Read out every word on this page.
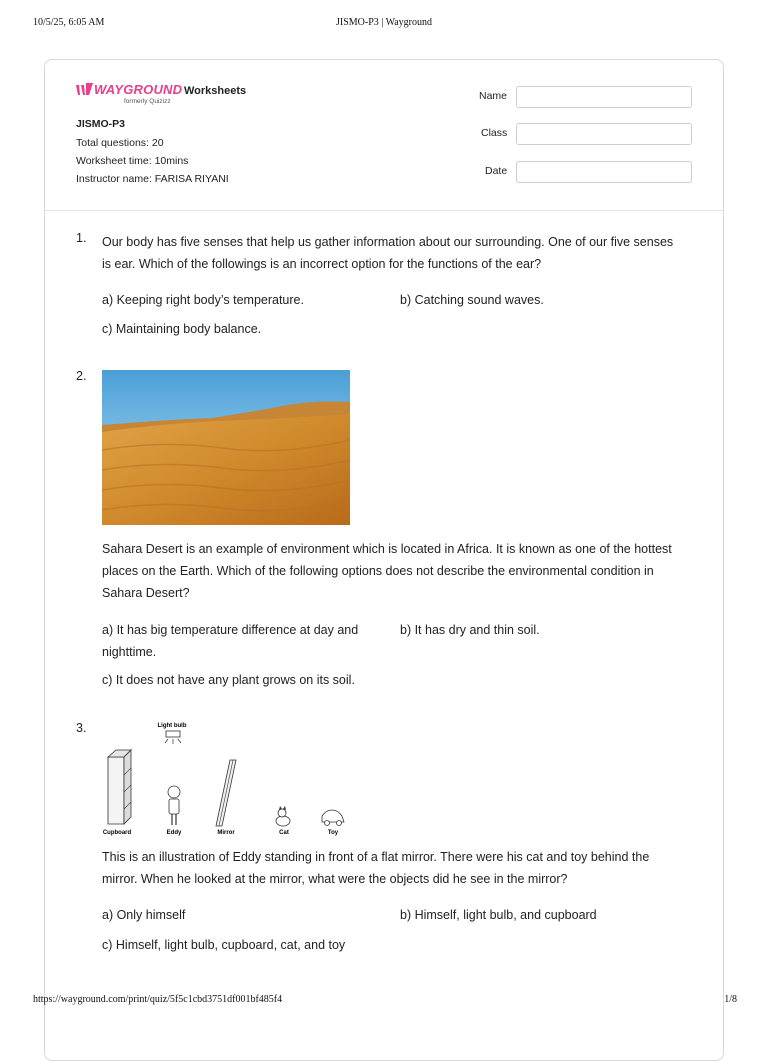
10/5/25, 6:05 AM	JISMO-P3 | Wayground
WAYGROUND
formerly Quizizz
Worksheets
JISMO-P3
Total questions: 20
Worksheet time: 10mins
Instructor name: FARISA RIYANI
Name
Class
Date
1. Our body has five senses that help us gather information about our surrounding. One of our five senses is ear. Which of the followings is an incorrect option for the functions of the ear?
a) Keeping right body’s temperature.	b) Catching sound waves.
c) Maintaining body balance.
2.
Sahara Desert is an example of environment which is located in Africa. It is known as one of the hottest places on the Earth. Which of the following options does not describe the environmental condition in Sahara Desert?
a) It has big temperature difference at day and nighttime.
b) It has dry and thin soil.
c) It does not have any plant grows on its soil.
3.	Light bulb
Cupboard	Eddy	Mirror	Cat	Toy
This is an illustration of Eddy standing in front of a flat mirror. There were his cat and toy behind the mirror. When he looked at the mirror, what were the objects did he see in the mirror?
a) Only himself	b) Himself, light bulb, and cupboard
c) Himself, light bulb, cupboard, cat, and toy
https://wayground.com/print/quiz/5f5c1cbd3751df001bf485f4	1/8
